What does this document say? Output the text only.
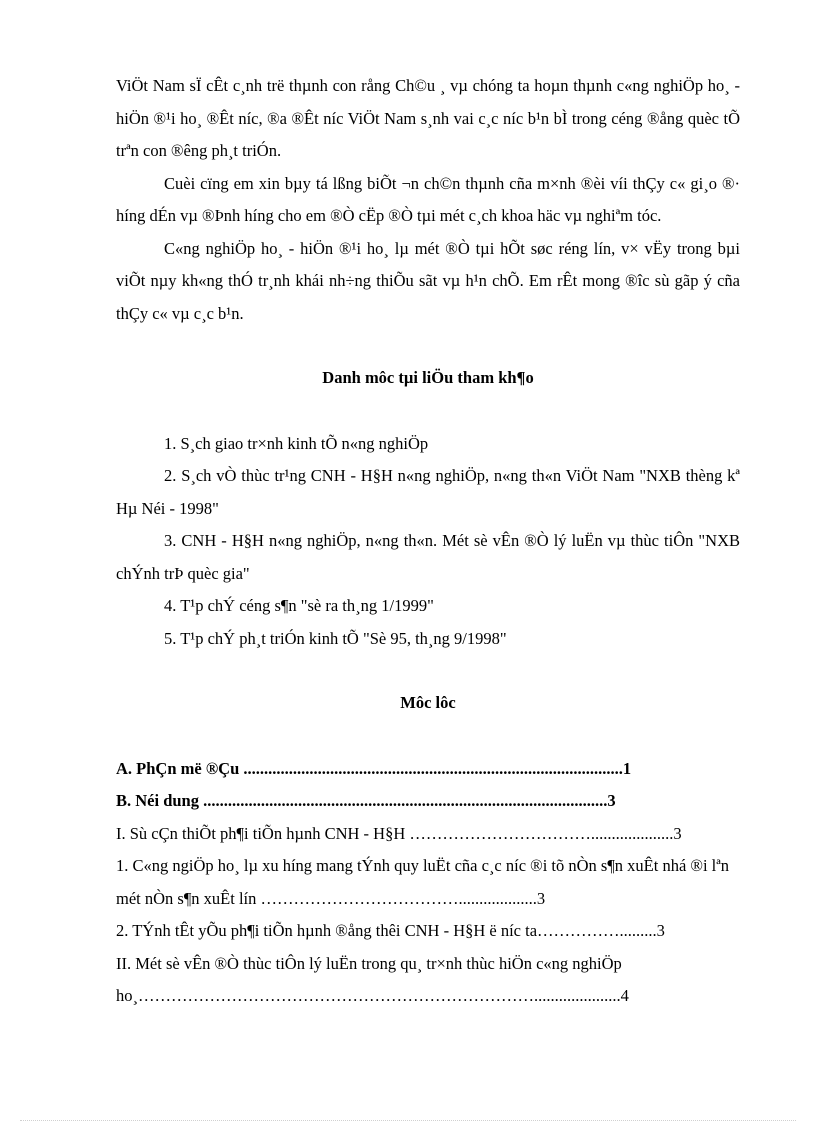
ViÖt Nam sÏ cÊt c¸nh trë thµnh con rång Ch©u ¸ vµ chóng ta hoµn thµnh c«ng nghiÖp ho¸ - hiÖn ®¹i ho¸ ®Êt níc, ®a ®Êt níc ViÖt Nam s¸nh vai c¸c níc b¹n bÌ trong céng ®ång quèc tÕ trªn con ®êng ph¸t triÓn.

Cuèi cïng em xin bµy tá lßng biÕt ¬n ch©n thµnh cña m×nh ®èi víi thÇy c« gi¸o ®· híng dÉn vµ ®Þnh híng cho em ®Ò cËp ®Ò tµi mét c¸ch khoa häc vµ nghiªm tóc.

C«ng nghiÖp ho¸ - hiÖn ®¹i ho¸ lµ mét ®Ò tµi hÕt søc réng lín, v× vËy trong bµi viÕt nµy kh«ng thÓ tr¸nh khái nh÷ng thiÕu sãt vµ h¹n chÕ. Em rÊt mong ®îc sù gãp ý cña thÇy c« vµ c¸c b¹n.

Danh môc tµi liÖu tham kh¶o

1. S¸ch giao tr×nh kinh tÕ n«ng nghiÖp

2. S¸ch vÒ thùc tr¹ng CNH - H§H n«ng nghiÖp, n«ng th«n ViÖt Nam "NXB thèng kª Hµ Néi - 1998"

3. CNH - H§H n«ng nghiÖp, n«ng th«n. Mét sè vÊn ®Ò lý luËn vµ thùc tiÔn "NXB chÝnh trÞ quèc gia"

4. T¹p chÝ céng s¶n "sè ra th¸ng 1/1999"

5. T¹p chÝ ph¸t triÓn kinh tÕ "Sè 95, th¸ng 9/1998"

Môc lôc

A. PhÇn më ®Çu ............................................................................................1

B. Néi dung ..................................................................................................3

I. Sù cÇn thiÕt ph¶i tiÕn hµnh CNH - H§H ……………………………....................3

1. C«ng ngiÖp ho¸ lµ xu híng mang tÝnh quy luËt cña c¸c níc ®i tõ nÒn s¶n xuÊt nhá ®i lªn mét nÒn s¶n xuÊt lín ………………………………...................3

2. TÝnh tÊt yÕu ph¶i tiÕn hµnh ®ång thêi CNH - H§H ë níc ta…………….........3

II. Mét sè vÊn ®Ò thùc tiÔn lý luËn trong qu¸ tr×nh thùc hiÖn c«ng nghiÖp ho¸……………………………………………………………….....................4
